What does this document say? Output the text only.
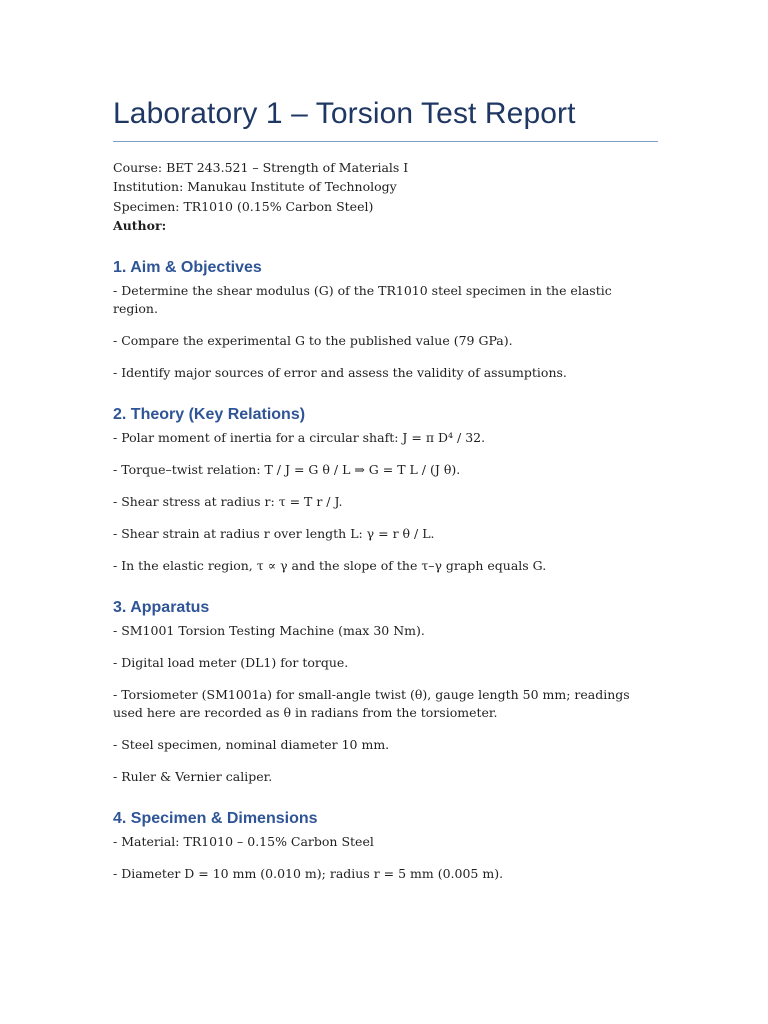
Laboratory 1 – Torsion Test Report
Course: BET 243.521 – Strength of Materials I
Institution: Manukau Institute of Technology
Specimen: TR1010 (0.15% Carbon Steel)
Author:
1. Aim & Objectives

- Determine the shear modulus (G) of the TR1010 steel specimen in the elastic region.

- Compare the experimental G to the published value (79 GPa).

- Identify major sources of error and assess the validity of assumptions.

2. Theory (Key Relations)

- Polar moment of inertia for a circular shaft: J = π D⁴ / 32.

- Torque–twist relation: T / J = G θ / L ⇒ G = T L / (J θ).

- Shear stress at radius r: τ = T r / J.

- Shear strain at radius r over length L: γ = r θ / L.

- In the elastic region, τ ∝ γ and the slope of the τ–γ graph equals G.

3. Apparatus

- SM1001 Torsion Testing Machine (max 30 Nm).

- Digital load meter (DL1) for torque.

- Torsiometer (SM1001a) for small-angle twist (θ), gauge length 50 mm; readings used here are recorded as θ in radians from the torsiometer.

- Steel specimen, nominal diameter 10 mm.

- Ruler & Vernier caliper.

4. Specimen & Dimensions

- Material: TR1010 – 0.15% Carbon Steel

- Diameter D = 10 mm (0.010 m); radius r = 5 mm (0.005 m).
